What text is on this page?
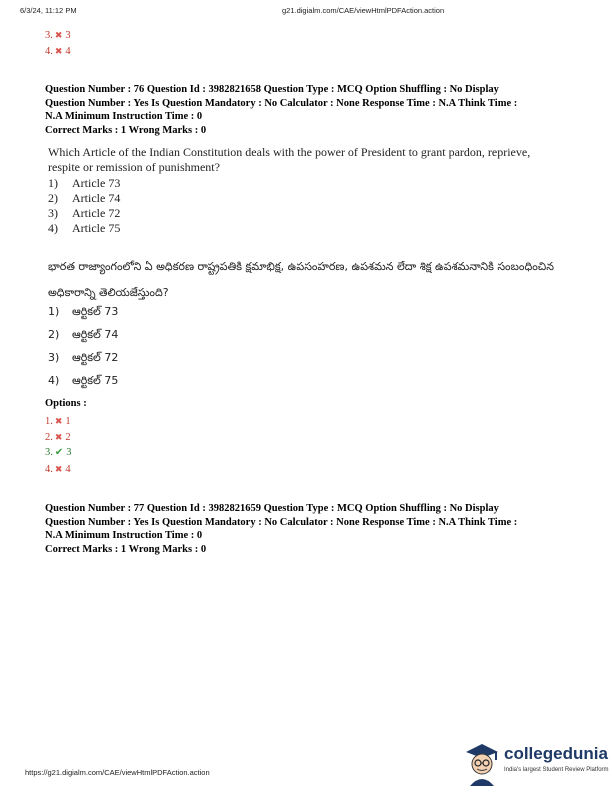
6/3/24, 11:12 PM	g21.digialm.com/CAE/viewHtmlPDFAction.action
3. ✖ 3
4. ✖ 4
Question Number : 76 Question Id : 3982821658 Question Type : MCQ Option Shuffling : No Display
Question Number : Yes Is Question Mandatory : No Calculator : None Response Time : N.A Think Time :
N.A Minimum Instruction Time : 0
Correct Marks : 1 Wrong Marks : 0
Which Article of the Indian Constitution deals with the power of President to grant pardon, reprieve, respite or remission of punishment?
1) Article 73
2) Article 74
3) Article 72
4) Article 75
భారత రాజ్యాంగంలోని ఏ అధికరణ రాష్ట్రపతికి క్షమాభిక్ష, ఉపసంహరణ, ఉపశమన లేదా శిక్ష ఉపశమనానికి సంబంధించిన అధికారాన్ని తెలియజేస్తుంది?
1) ఆర్టికల్ 73
2) ఆర్టికల్ 74
3) ఆర్టికల్ 72
4) ఆర్టికల్ 75
Options :
1. ✖ 1
2. ✖ 2
3. ✔ 3
4. ✖ 4
Question Number : 77 Question Id : 3982821659 Question Type : MCQ Option Shuffling : No Display
Question Number : Yes Is Question Mandatory : No Calculator : None Response Time : N.A Think Time :
N.A Minimum Instruction Time : 0
Correct Marks : 1 Wrong Marks : 0
https://g21.digialm.com/CAE/viewHtmlPDFAction.action
collegedunia
India's largest Student Review Platform
